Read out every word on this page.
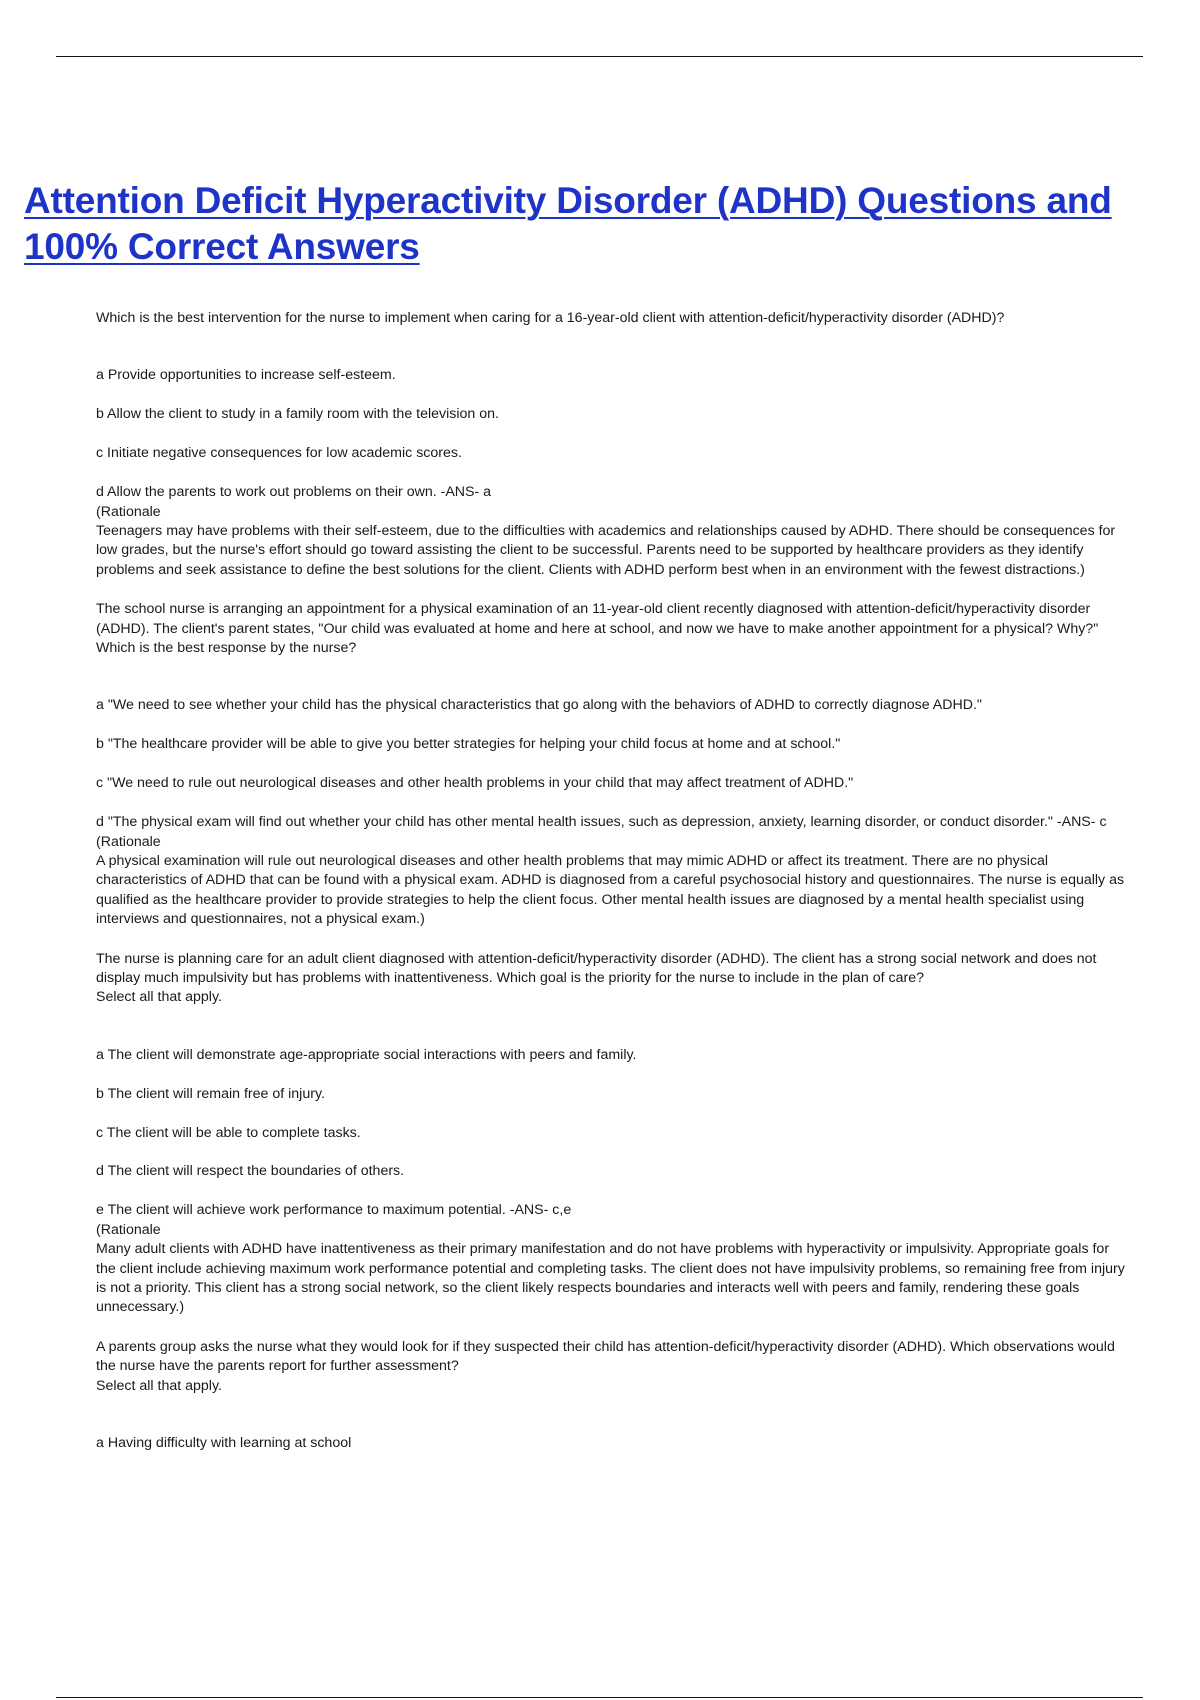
Attention Deficit Hyperactivity Disorder (ADHD) Questions and 100% Correct Answers

Which is the best intervention for the nurse to implement when caring for a 16-year-old client with attention-deficit/hyperactivity disorder (ADHD)?

a Provide opportunities to increase self-esteem.

b Allow the client to study in a family room with the television on.

c Initiate negative consequences for low academic scores.

d Allow the parents to work out problems on their own. -ANS- a
(Rationale
Teenagers may have problems with their self-esteem, due to the difficulties with academics and relationships caused by ADHD. There should be consequences for low grades, but the nurse's effort should go toward assisting the client to be successful. Parents need to be supported by healthcare providers as they identify problems and seek assistance to define the best solutions for the client. Clients with ADHD perform best when in an environment with the fewest distractions.)

The school nurse is arranging an appointment for a physical examination of an 11-year-old client recently diagnosed with attention-deficit/hyperactivity disorder (ADHD). The client's parent states, "Our child was evaluated at home and here at school, and now we have to make another appointment for a physical? Why?" Which is the best response by the nurse?

a "We need to see whether your child has the physical characteristics that go along with the behaviors of ADHD to correctly diagnose ADHD."

b "The healthcare provider will be able to give you better strategies for helping your child focus at home and at school."

c "We need to rule out neurological diseases and other health problems in your child that may affect treatment of ADHD."

d "The physical exam will find out whether your child has other mental health issues, such as depression, anxiety, learning disorder, or conduct disorder." -ANS- c
(Rationale
A physical examination will rule out neurological diseases and other health problems that may mimic ADHD or affect its treatment. There are no physical characteristics of ADHD that can be found with a physical exam. ADHD is diagnosed from a careful psychosocial history and questionnaires. The nurse is equally as qualified as the healthcare provider to provide strategies to help the client focus. Other mental health issues are diagnosed by a mental health specialist using interviews and questionnaires, not a physical exam.)

The nurse is planning care for an adult client diagnosed with attention-deficit/hyperactivity disorder (ADHD). The client has a strong social network and does not display much impulsivity but has problems with inattentiveness. Which goal is the priority for the nurse to include in the plan of care?
Select all that apply.

a The client will demonstrate age-appropriate social interactions with peers and family.

b The client will remain free of injury.

c The client will be able to complete tasks.

d The client will respect the boundaries of others.

e The client will achieve work performance to maximum potential. -ANS- c,e
(Rationale
Many adult clients with ADHD have inattentiveness as their primary manifestation and do not have problems with hyperactivity or impulsivity. Appropriate goals for the client include achieving maximum work performance potential and completing tasks. The client does not have impulsivity problems, so remaining free from injury is not a priority. This client has a strong social network, so the client likely respects boundaries and interacts well with peers and family, rendering these goals unnecessary.)

A parents group asks the nurse what they would look for if they suspected their child has attention-deficit/hyperactivity disorder (ADHD). Which observations would the nurse have the parents report for further assessment?
Select all that apply.

a Having difficulty with learning at school
